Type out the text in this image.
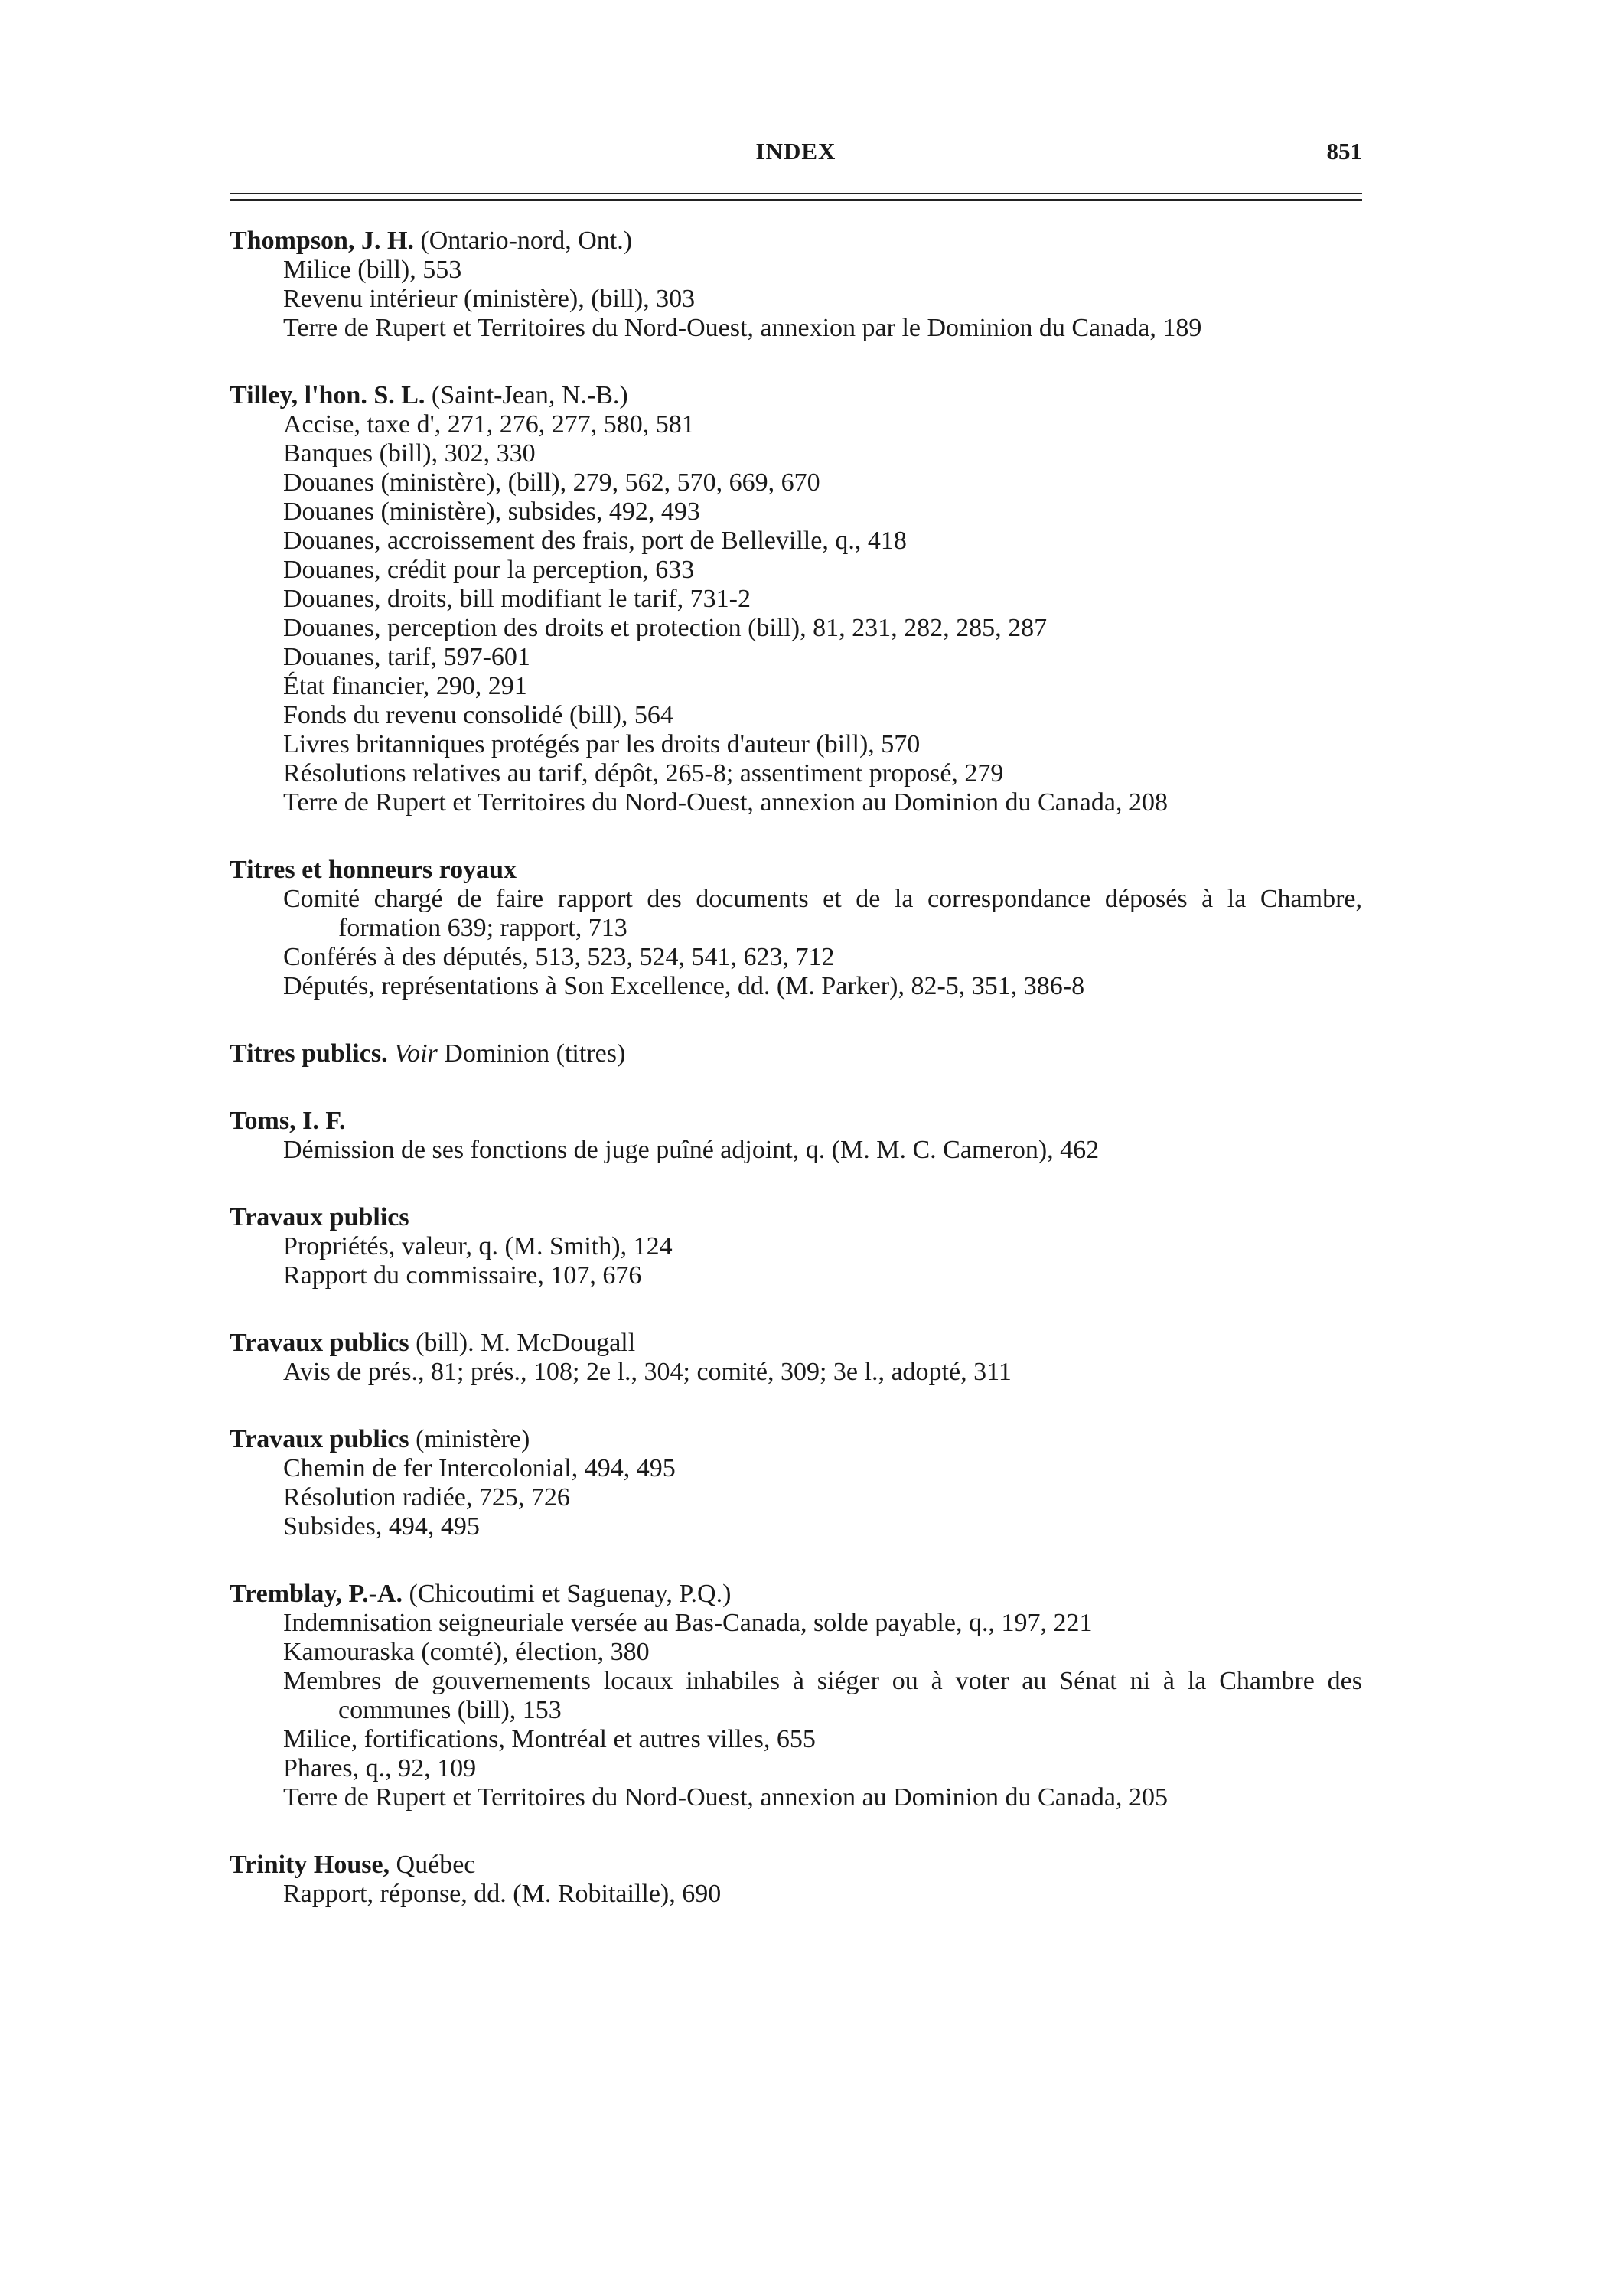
INDEX	851
Thompson, J. H. (Ontario-nord, Ont.)
Milice (bill), 553
Revenu intérieur (ministère), (bill), 303
Terre de Rupert et Territoires du Nord-Ouest, annexion par le Dominion du Canada, 189
Tilley, l'hon. S. L. (Saint-Jean, N.-B.)
Accise, taxe d', 271, 276, 277, 580, 581
Banques (bill), 302, 330
Douanes (ministère), (bill), 279, 562, 570, 669, 670
Douanes (ministère), subsides, 492, 493
Douanes, accroissement des frais, port de Belleville, q., 418
Douanes, crédit pour la perception, 633
Douanes, droits, bill modifiant le tarif, 731-2
Douanes, perception des droits et protection (bill), 81, 231, 282, 285, 287
Douanes, tarif, 597-601
État financier, 290, 291
Fonds du revenu consolidé (bill), 564
Livres britanniques protégés par les droits d'auteur (bill), 570
Résolutions relatives au tarif, dépôt, 265-8; assentiment proposé, 279
Terre de Rupert et Territoires du Nord-Ouest, annexion au Dominion du Canada, 208
Titres et honneurs royaux
Comité chargé de faire rapport des documents et de la correspondance déposés à la Chambre, formation 639; rapport, 713
Conférés à des députés, 513, 523, 524, 541, 623, 712
Députés, représentations à Son Excellence, dd. (M. Parker), 82-5, 351, 386-8
Titres publics. Voir Dominion (titres)
Toms, I. F.
Démission de ses fonctions de juge puîné adjoint, q. (M. M. C. Cameron), 462
Travaux publics
Propriétés, valeur, q. (M. Smith), 124
Rapport du commissaire, 107, 676
Travaux publics (bill). M. McDougall
Avis de prés., 81; prés., 108; 2e l., 304; comité, 309; 3e l., adopté, 311
Travaux publics (ministère)
Chemin de fer Intercolonial, 494, 495
Résolution radiée, 725, 726
Subsides, 494, 495
Tremblay, P.-A. (Chicoutimi et Saguenay, P.Q.)
Indemnisation seigneuriale versée au Bas-Canada, solde payable, q., 197, 221
Kamouraska (comté), élection, 380
Membres de gouvernements locaux inhabiles à siéger ou à voter au Sénat ni à la Chambre des communes (bill), 153
Milice, fortifications, Montréal et autres villes, 655
Phares, q., 92, 109
Terre de Rupert et Territoires du Nord-Ouest, annexion au Dominion du Canada, 205
Trinity House, Québec
Rapport, réponse, dd. (M. Robitaille), 690
